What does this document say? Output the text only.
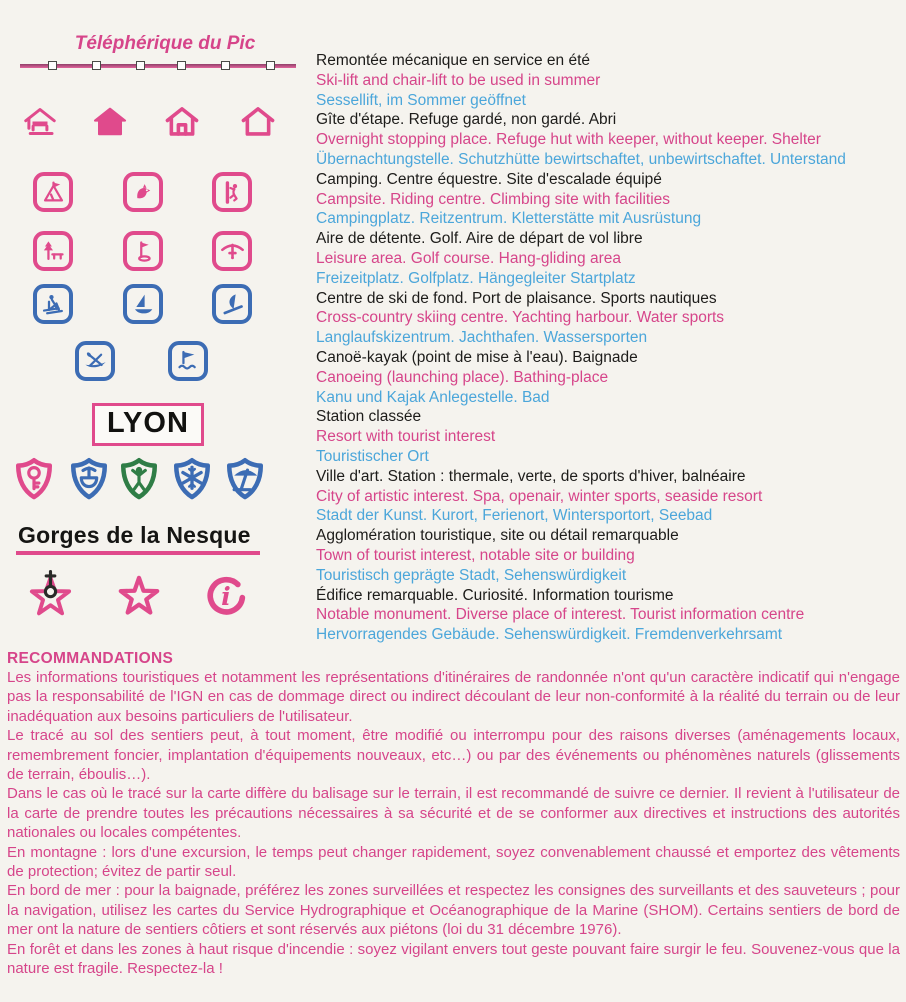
Téléphérique du Pic
LYON
Gorges de la Nesque
i
Remontée mécanique en service en été
Ski-lift and chair-lift to be used in summer
Sessellift, im Sommer geöffnet
Gîte d'étape. Refuge gardé, non gardé. Abri
Overnight stopping place. Refuge hut with keeper, without keeper. Shelter
Übernachtungstelle. Schutzhütte bewirtschaftet, unbewirtschaftet. Unterstand
Camping. Centre équestre. Site d'escalade équipé
Campsite. Riding centre. Climbing site with facilities
Campingplatz. Reitzentrum. Kletterstätte mit Ausrüstung
Aire de détente. Golf. Aire de départ de vol libre
Leisure area. Golf course. Hang-gliding area
Freizeitplatz. Golfplatz. Hängegleiter Startplatz
Centre de ski de fond. Port de plaisance. Sports nautiques
Cross-country skiing centre. Yachting harbour. Water sports
Langlaufskizentrum. Jachthafen. Wassersporten
Canoë-kayak (point de mise à l'eau). Baignade
Canoeing (launching place). Bathing-place
Kanu und Kajak Anlegestelle. Bad
Station classée
Resort with tourist interest
Touristischer Ort
Ville d'art. Station : thermale, verte, de sports d'hiver, balnéaire
City of artistic interest. Spa, openair, winter sports, seaside resort
Stadt der Kunst. Kurort, Ferienort, Wintersportort, Seebad
Agglomération touristique, site ou détail remarquable
Town of tourist interest, notable site or building
Touristisch geprägte Stadt, Sehenswürdigkeit
Édifice remarquable. Curiosité. Information tourisme
Notable monument. Diverse place of interest. Tourist information centre
Hervorragendes Gebäude. Sehenswürdigkeit. Fremdenverkehrsamt
RECOMMANDATIONS

Les informations touristiques et notamment les représentations d'itinéraires de randonnée n'ont qu'un caractère indicatif qui n'engage pas la responsabilité de l'IGN en cas de dommage direct ou indirect découlant de leur non-conformité à la réalité du terrain ou de leur inadéquation aux besoins particuliers de l'utilisateur.

Le tracé au sol des sentiers peut, à tout moment, être modifié ou interrompu pour des raisons diverses (aménagements locaux, remembrement foncier, implantation d'équipements nouveaux, etc…) ou par des événements ou phénomènes naturels (glissements de terrain, éboulis…).

Dans le cas où le tracé sur la carte diffère du balisage sur le terrain, il est recommandé de suivre ce dernier. Il revient à l'utilisateur de la carte de prendre toutes les précautions nécessaires à sa sécurité et de se conformer aux directives et instructions des autorités nationales ou locales compétentes.

En montagne : lors d'une excursion, le temps peut changer rapidement, soyez convenablement chaussé et emportez des vêtements de protection; évitez de partir seul.

En bord de mer : pour la baignade, préférez les zones surveillées et respectez les consignes des surveillants et des sauveteurs ; pour la navigation, utilisez les cartes du Service Hydrographique et Océanographique de la Marine (SHOM). Certains sentiers de bord de mer ont la nature de sentiers côtiers et sont réservés aux piétons (loi du 31 décembre 1976).

En forêt et dans les zones à haut risque d'incendie : soyez vigilant envers tout geste pouvant faire surgir le feu. Souvenez-vous que la nature est fragile. Respectez-la !
